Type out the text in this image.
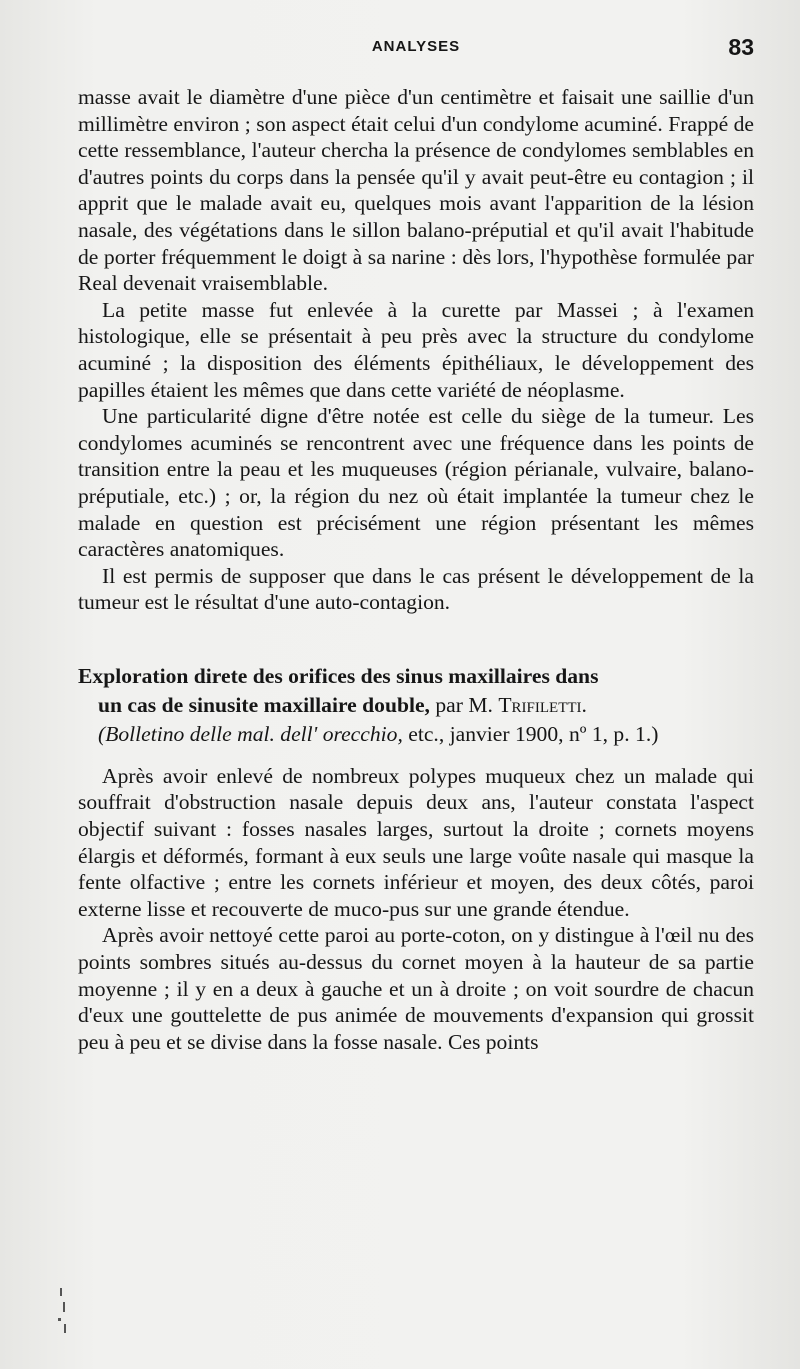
ANALYSES	83

masse avait le diamètre d'une pièce d'un centimètre et faisait une saillie d'un millimètre environ ; son aspect était celui d'un condylome acuminé. Frappé de cette ressemblance, l'auteur chercha la présence de condylomes semblables en d'autres points du corps dans la pensée qu'il y avait peut-être eu contagion ; il apprit que le malade avait eu, quelques mois avant l'apparition de la lésion nasale, des végétations dans le sillon balano-préputial et qu'il avait l'habitude de porter fréquemment le doigt à sa narine : dès lors, l'hypothèse formulée par Real devenait vraisemblable.

La petite masse fut enlevée à la curette par Massei ; à l'examen histologique, elle se présentait à peu près avec la structure du condylome acuminé ; la disposition des éléments épithéliaux, le développement des papilles étaient les mêmes que dans cette variété de néoplasme.

Une particularité digne d'être notée est celle du siège de la tumeur. Les condylomes acuminés se rencontrent avec une fréquence dans les points de transition entre la peau et les muqueuses (région périanale, vulvaire, balano-préputiale, etc.) ; or, la région du nez où était implantée la tumeur chez le malade en question est précisément une région présentant les mêmes caractères anatomiques.

Il est permis de supposer que dans le cas présent le développement de la tumeur est le résultat d'une auto-contagion.

Exploration direte des orifices des sinus maxillaires dans
un cas de sinusite maxillaire double, par M. Trifiletti.
(Bolletino delle mal. dell' orecchio, etc., janvier 1900, nº 1, p. 1.)

Après avoir enlevé de nombreux polypes muqueux chez un malade qui souffrait d'obstruction nasale depuis deux ans, l'auteur constata l'aspect objectif suivant : fosses nasales larges, surtout la droite ; cornets moyens élargis et déformés, formant à eux seuls une large voûte nasale qui masque la fente olfactive ; entre les cornets inférieur et moyen, des deux côtés, paroi externe lisse et recouverte de muco-pus sur une grande étendue.

Après avoir nettoyé cette paroi au porte-coton, on y distingue à l'œil nu des points sombres situés au-dessus du cornet moyen à la hauteur de sa partie moyenne ; il y en a deux à gauche et un à droite ; on voit sourdre de chacun d'eux une gouttelette de pus animée de mouvements d'expansion qui grossit peu à peu et se divise dans la fosse nasale. Ces points
